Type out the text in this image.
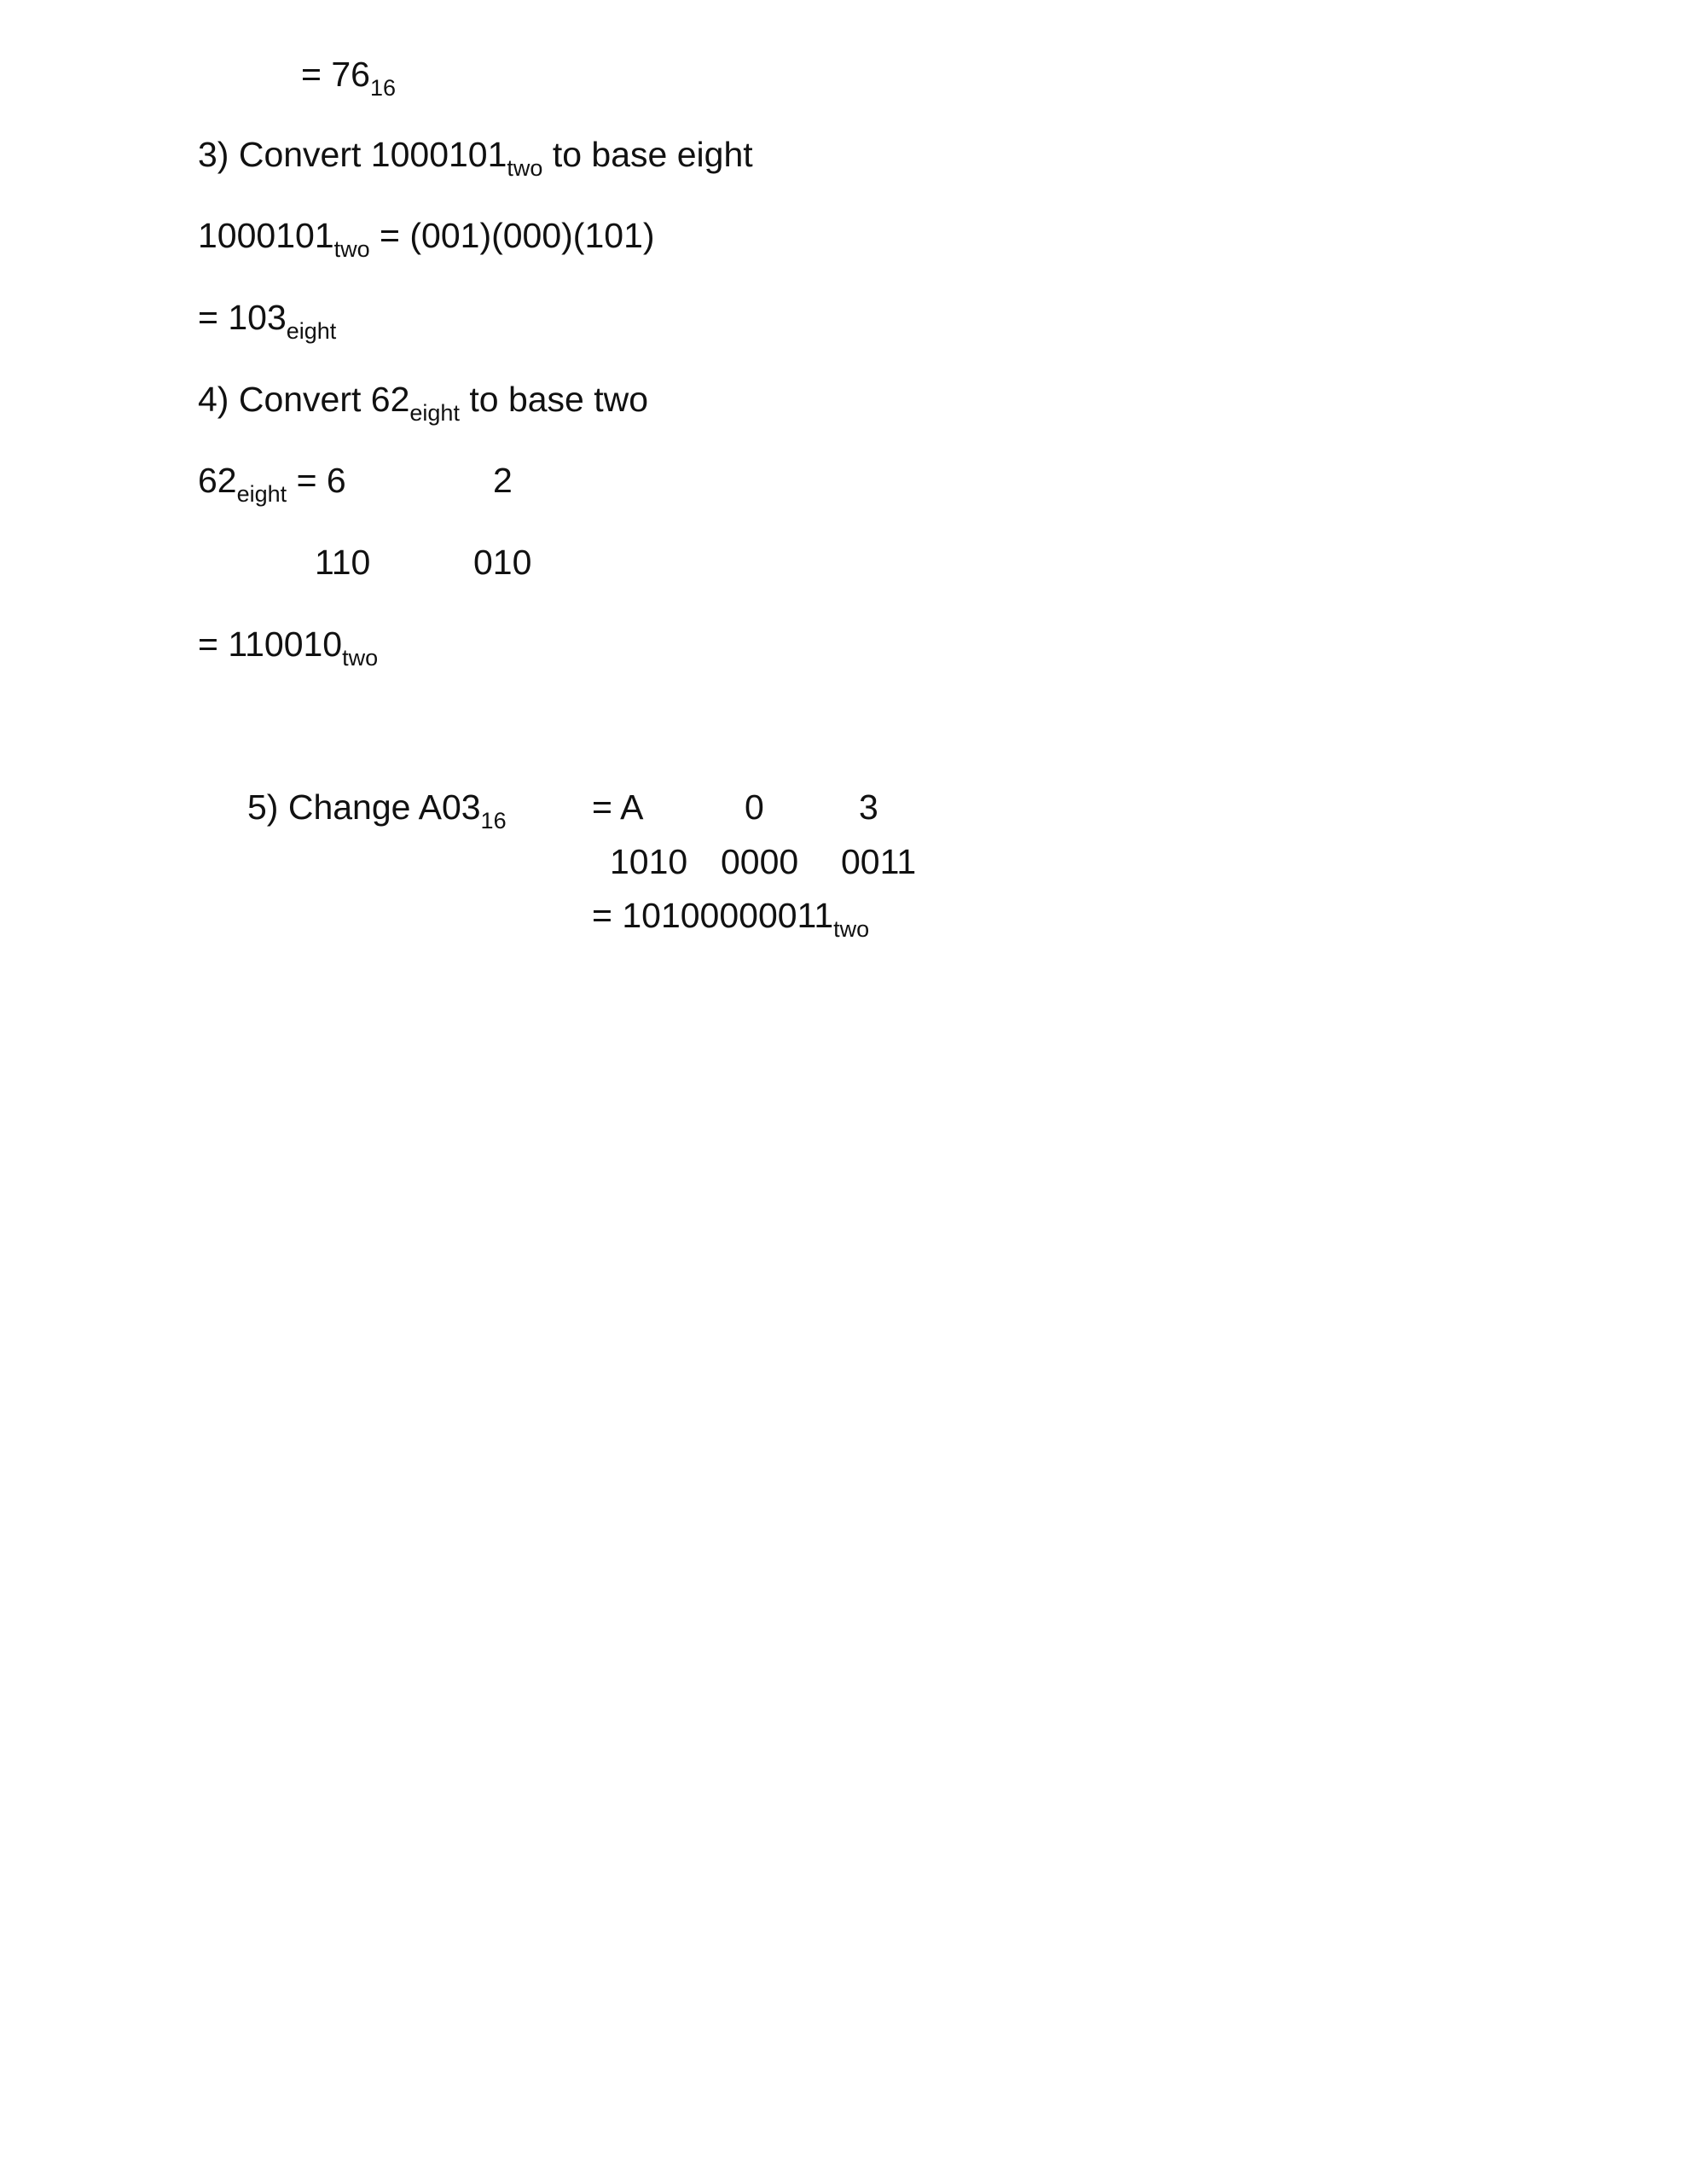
= $76_{16}$
3) Convert $1000101_{two}$ to base eight
$1000101_{two} = (001)(000)(101)$
= $103_{eight}$
4) Convert $62_{eight}$ to base two
$62_{eight} = 6$	2
110	010
= $110010_{two}$
5) Change $A03_{16} = A$	0	3
1010 0000 0011
= $10100000011_{two}$
